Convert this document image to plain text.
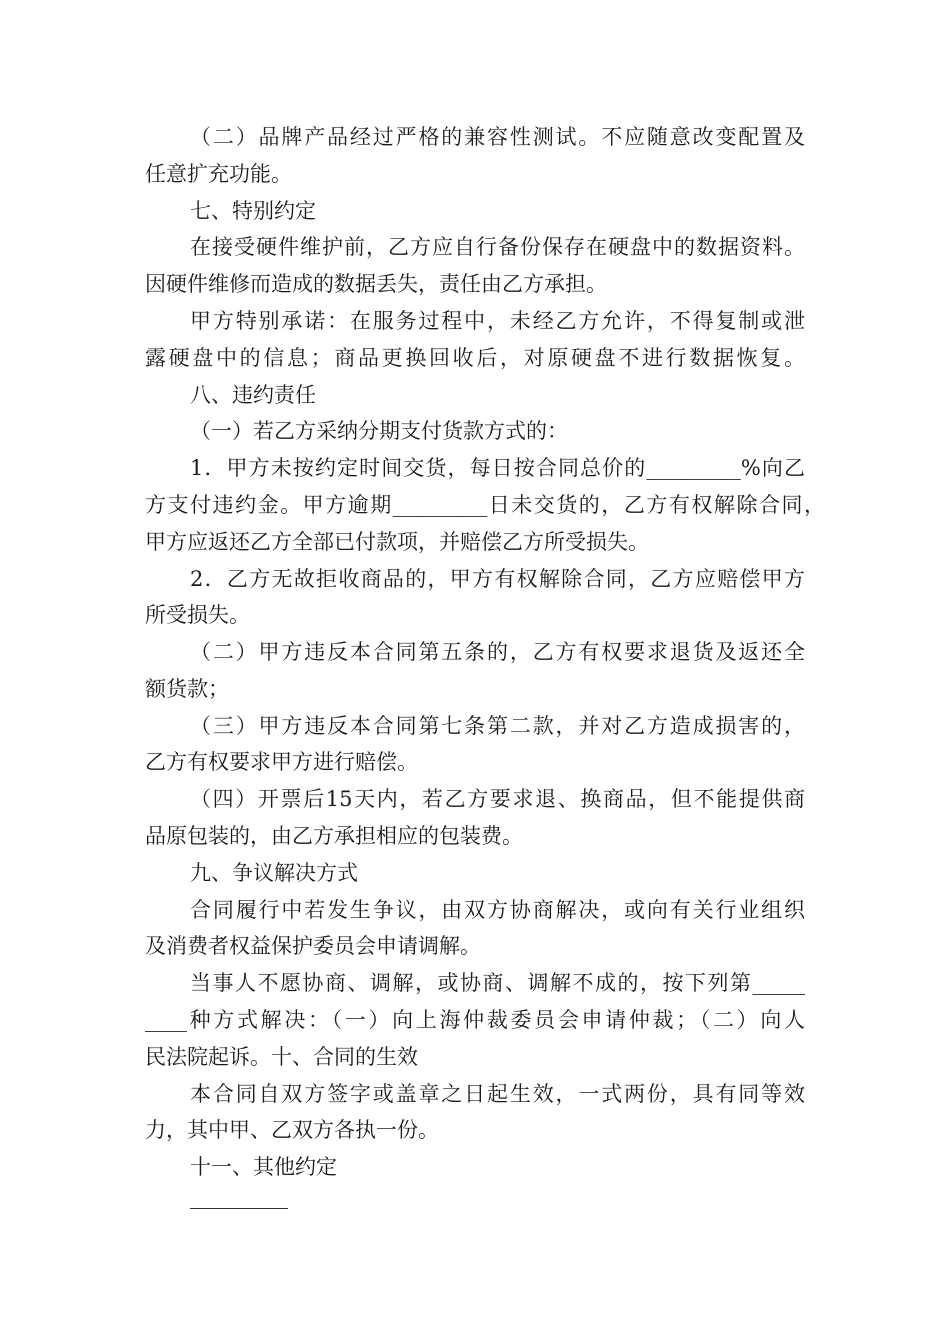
（二）品牌产品经过严格的兼容性测试。不应随意改变配置及
任意扩充功能。
七、特别约定
在接受硬件维护前，乙方应自行备份保存在硬盘中的数据资料。
因硬件维修而造成的数据丢失，责任由乙方承担。
甲方特别承诺：在服务过程中，未经乙方允许，不得复制或泄
露硬盘中的信息；商品更换回收后，对原硬盘不进行数据恢复。
八、违约责任
（一）若乙方采纳分期支付货款方式的：
1．甲方未按约定时间交货，每日按合同总价的_________%向乙
方支付违约金。甲方逾期_________日未交货的，乙方有权解除合同，
甲方应返还乙方全部已付款项，并赔偿乙方所受损失。
2．乙方无故拒收商品的，甲方有权解除合同，乙方应赔偿甲方
所受损失。
（二）甲方违反本合同第五条的，乙方有权要求退货及返还全
额货款；
（三）甲方违反本合同第七条第二款，并对乙方造成损害的，
乙方有权要求甲方进行赔偿。
（四）开票后15天内，若乙方要求退、换商品，但不能提供商
品原包装的，由乙方承担相应的包装费。
九、争议解决方式
合同履行中若发生争议，由双方协商解决，或向有关行业组织
及消费者权益保护委员会申请调解。
当事人不愿协商、调解，或协商、调解不成的，按下列第_____
____种方式解决：（一）向上海仲裁委员会申请仲裁；（二）向人
民法院起诉。十、合同的生效
本合同自双方签字或盖章之日起生效，一式两份，具有同等效
力，其中甲、乙双方各执一份。
十一、其他约定
